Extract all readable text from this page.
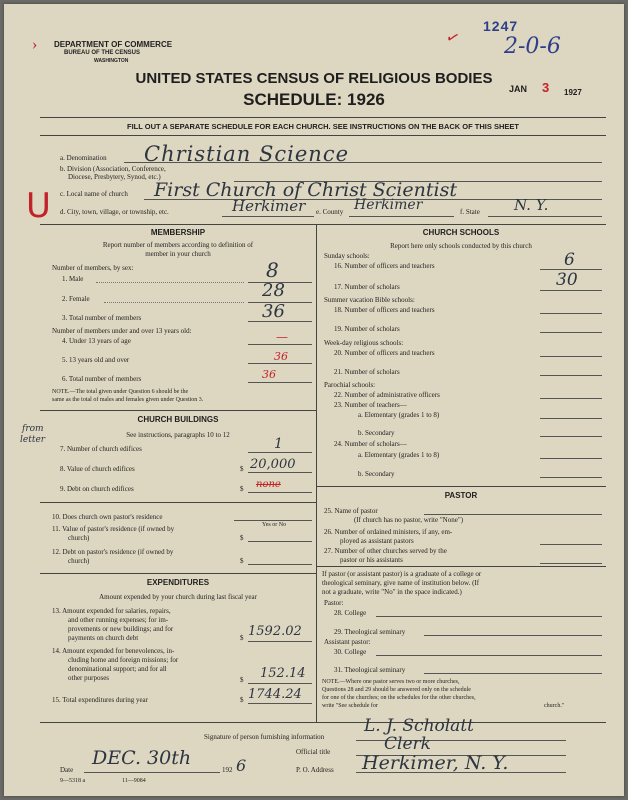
1247
2-0-6
JAN 3 1927
✓
› DEPARTMENT OF COMMERCE
BUREAU OF THE CENSUS
WASHINGTON
UNITED STATES CENSUS OF RELIGIOUS BODIES
SCHEDULE: 1926
FILL OUT A SEPARATE SCHEDULE FOR EACH CHURCH. SEE INSTRUCTIONS ON THE BACK OF THIS SHEET
a. Denomination Christian Science
b. Division (Association, Conference,
Diocese, Presbytery, Synod, etc.)
U c. Local name of church First Church of Christ Scientist
d. City, town, village, or township, etc.	Herkimer e. County Herkimer	f. State N. Y.
MEMBERSHIP
Report number of members according to definition of
member in your church
Number of members, by sex:
1. Male	8
2. Female	28
3. Total number of members	36
Number of members under and over 13 years old:
4. Under 13 years of age	—
5. 13 years old and over	36
6. Total number of members	36
NOTE.—The total given under Question 6 should be the
same as the total of males and females given under Question 3.
CHURCH BUILDINGS
See instructions, paragraphs 10 to 12
7. Number of church edifices	1
from
letter
8. Value of church edifices	$ 20,000
9. Debt on church edifices	$ none
10. Does church own pastor's residence
Yes or No
11. Value of pastor's residence (if owned by
church)	$
12. Debt on pastor's residence (if owned by
church)	$
EXPENDITURES
Amount expended by your church during last fiscal year
13. Amount expended for salaries, repairs,
and other running expenses; for im-
provements or new buildings; and for
payments on church debt	$ 1592.02
14. Amount expended for benevolences, in-
cluding home and foreign missions; for
denominational support; and for all
other purposes	$ 152.14
15. Total expenditures during year	$ 1744.24
CHURCH SCHOOLS
Report here only schools conducted by this church
Sunday schools:
16. Number of officers and teachers	6
17. Number of scholars	30
Summer vacation Bible schools:
18. Number of officers and teachers
19. Number of scholars
Week-day religious schools:
20. Number of officers and teachers
21. Number of scholars
Parochial schools:
22. Number of administrative officers
23. Number of teachers—
a. Elementary (grades 1 to 8)
b. Secondary
24. Number of scholars—
a. Elementary (grades 1 to 8)
b. Secondary
PASTOR
25. Name of pastor
(If church has no pastor, write "None")
26. Number of ordained ministers, if any, em-
ployed as assistant pastors
27. Number of other churches served by the
pastor or his assistants
If pastor (or assistant pastor) is a graduate of a college or
theological seminary, give name of institution below. (If
not a graduate, write "No" in the space indicated.)
Pastor:
28. College
29. Theological seminary
Assistant pastor:
30. College
31. Theological seminary
NOTE.—Where one pastor serves two or more churches,
Questions 28 and 29 should be answered only on the schedule
for one of the churches; on the schedules for the other churches,
write "See schedule for	church."
Signature of person furnishing information
L. J. Scholatt
Official title	Clerk
Date
DEC. 30th
192 6	P. O. Address Herkimer, N. Y.
9—5318 a	11—9084
